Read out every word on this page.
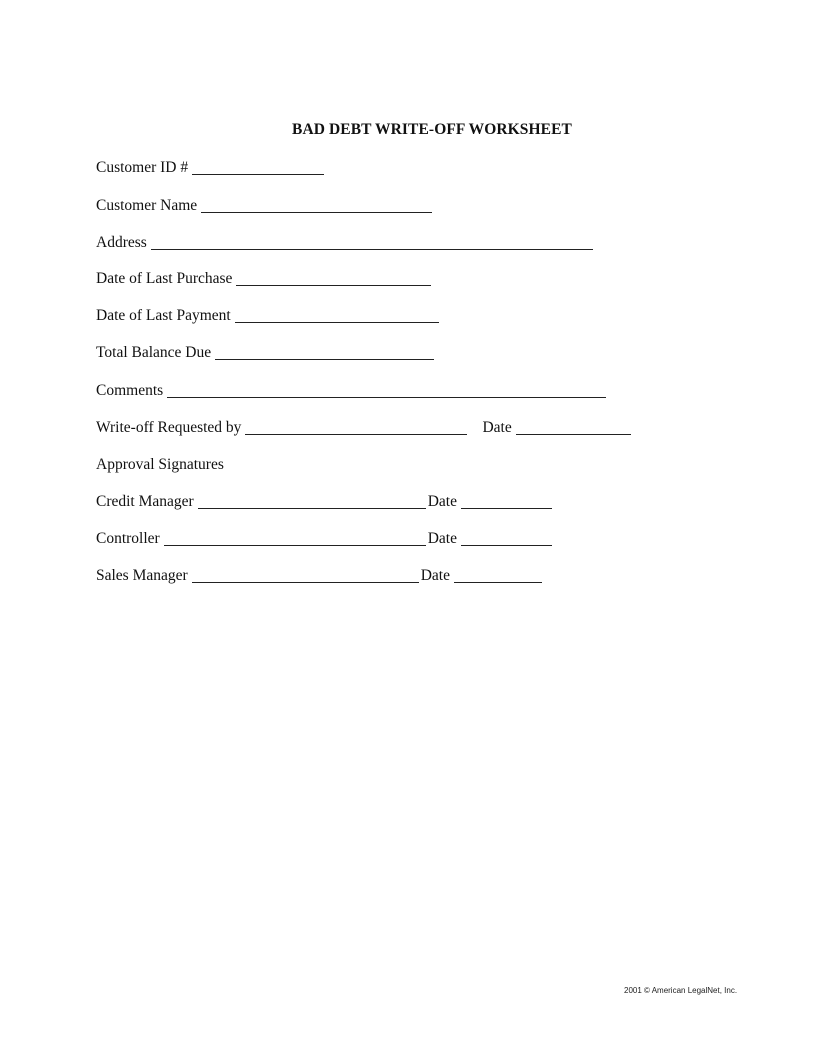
BAD DEBT WRITE-OFF WORKSHEET
Customer ID #
Customer Name
Address
Date of Last Purchase
Date of Last Payment
Total Balance Due
Comments
Write-off Requested by	Date
Approval Signatures
Credit Manager	Date
Controller	Date
Sales Manager	Date
2001 © American LegalNet, Inc.
